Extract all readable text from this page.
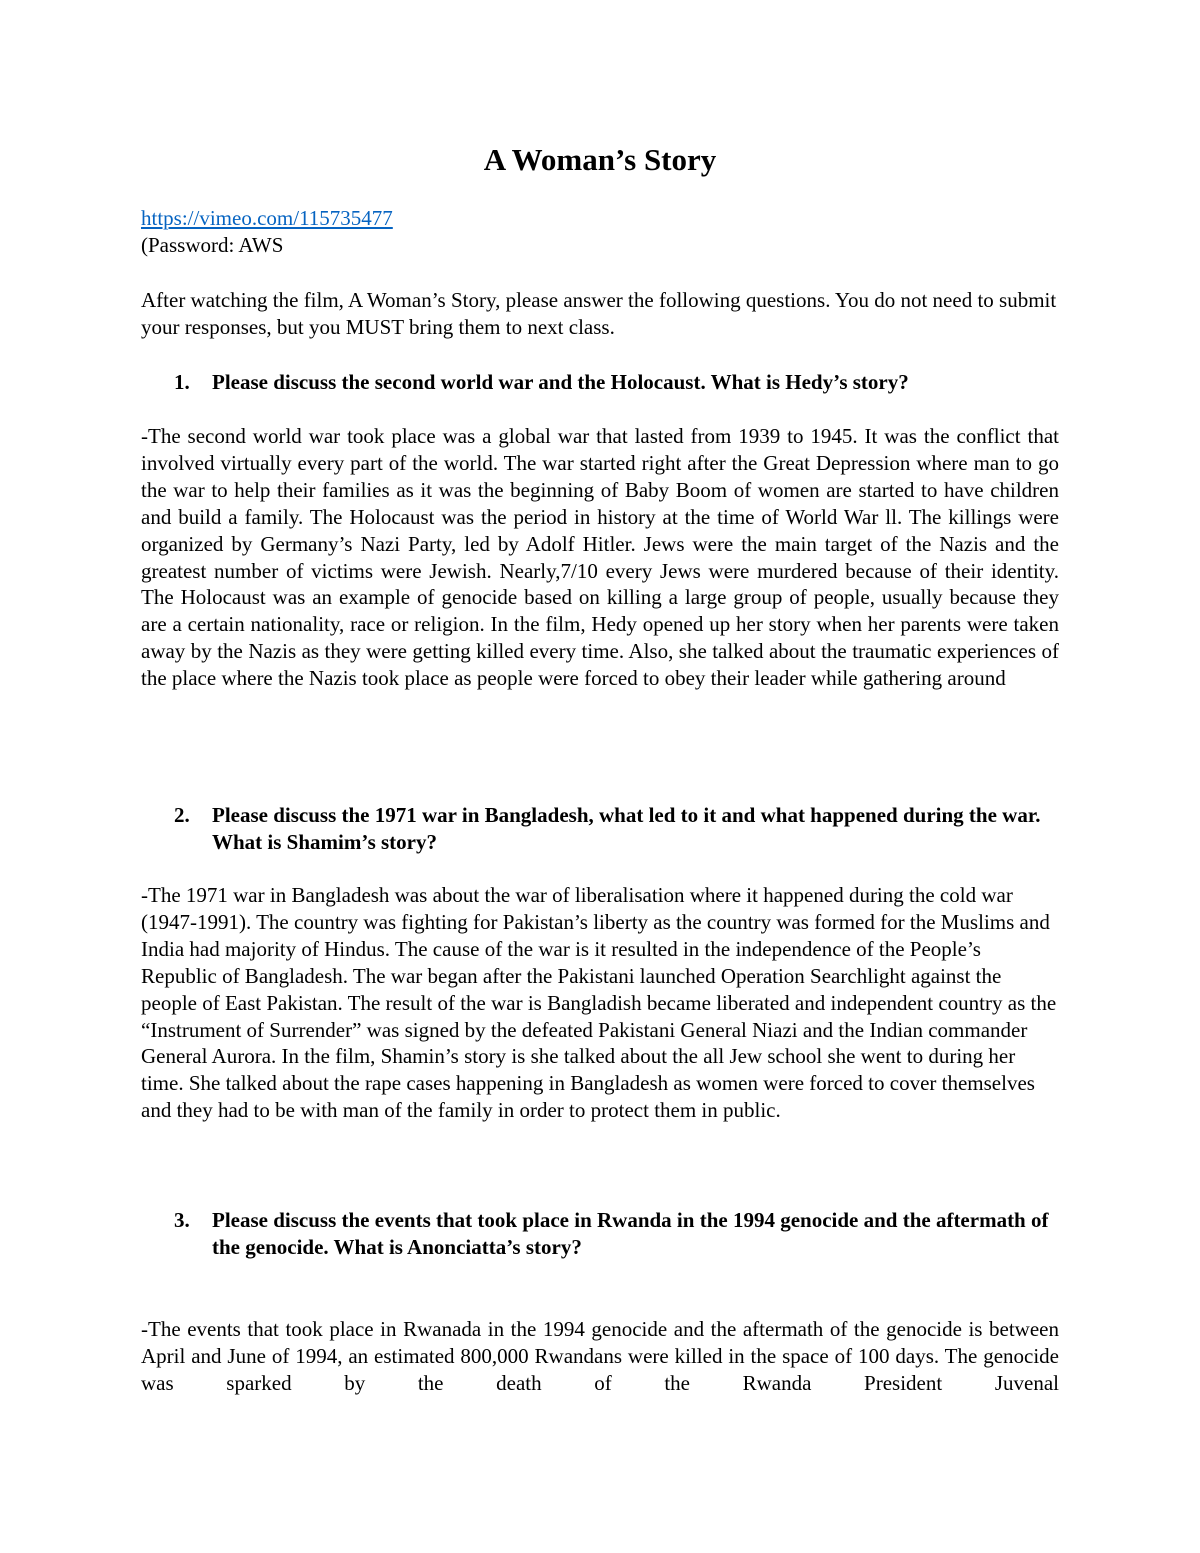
A Woman’s Story
https://vimeo.com/115735477
(Password: AWS
After watching the film, A Woman’s Story, please answer the following questions. You do not need to submit your responses, but you MUST bring them to next class.
1. Please discuss the second world war and the Holocaust. What is Hedy’s story?
-The second world war took place was a global war that lasted from 1939 to 1945. It was the conflict that involved virtually every part of the world. The war started right after the Great Depression where man to go the war to help their families as it was the beginning of Baby Boom of women are started to have children and build a family. The Holocaust was the period in history at the time of World War ll. The killings were organized by Germany’s Nazi Party, led by Adolf Hitler. Jews were the main target of the Nazis and the greatest number of victims were Jewish. Nearly,7/10 every Jews were murdered because of their identity. The Holocaust was an example of genocide based on killing a large group of people, usually because they are a certain nationality, race or religion. In the film, Hedy opened up her story when her parents were taken away by the Nazis as they were getting killed every time. Also, she talked about the traumatic experiences of the place where the Nazis took place as people were forced to obey their leader while gathering around
2. Please discuss the 1971 war in Bangladesh, what led to it and what happened during the war. What is Shamim’s story?
-The 1971 war in Bangladesh was about the war of liberalisation where it happened during the cold war (1947-1991). The country was fighting for Pakistan’s liberty as the country was formed for the Muslims and India had majority of Hindus. The cause of the war is it resulted in the independence of the People’s Republic of Bangladesh. The war began after the Pakistani launched Operation Searchlight against the people of East Pakistan. The result of the war is Bangladish became liberated and independent country as the “Instrument of Surrender” was signed by the defeated Pakistani General Niazi and the Indian commander General Aurora. In the film, Shamin’s story is she talked about the all Jew school she went to during her time. She talked about the rape cases happening in Bangladesh as women were forced to cover themselves and they had to be with man of the family in order to protect them in public.
3. Please discuss the events that took place in Rwanda in the 1994 genocide and the aftermath of the genocide. What is Anonciatta’s story?
-The events that took place in Rwanada in the 1994 genocide and the aftermath of the genocide is between April and June of 1994, an estimated 800,000 Rwandans were killed in the space of 100 days. The genocide was sparked by the death of the Rwanda President Juvenal
